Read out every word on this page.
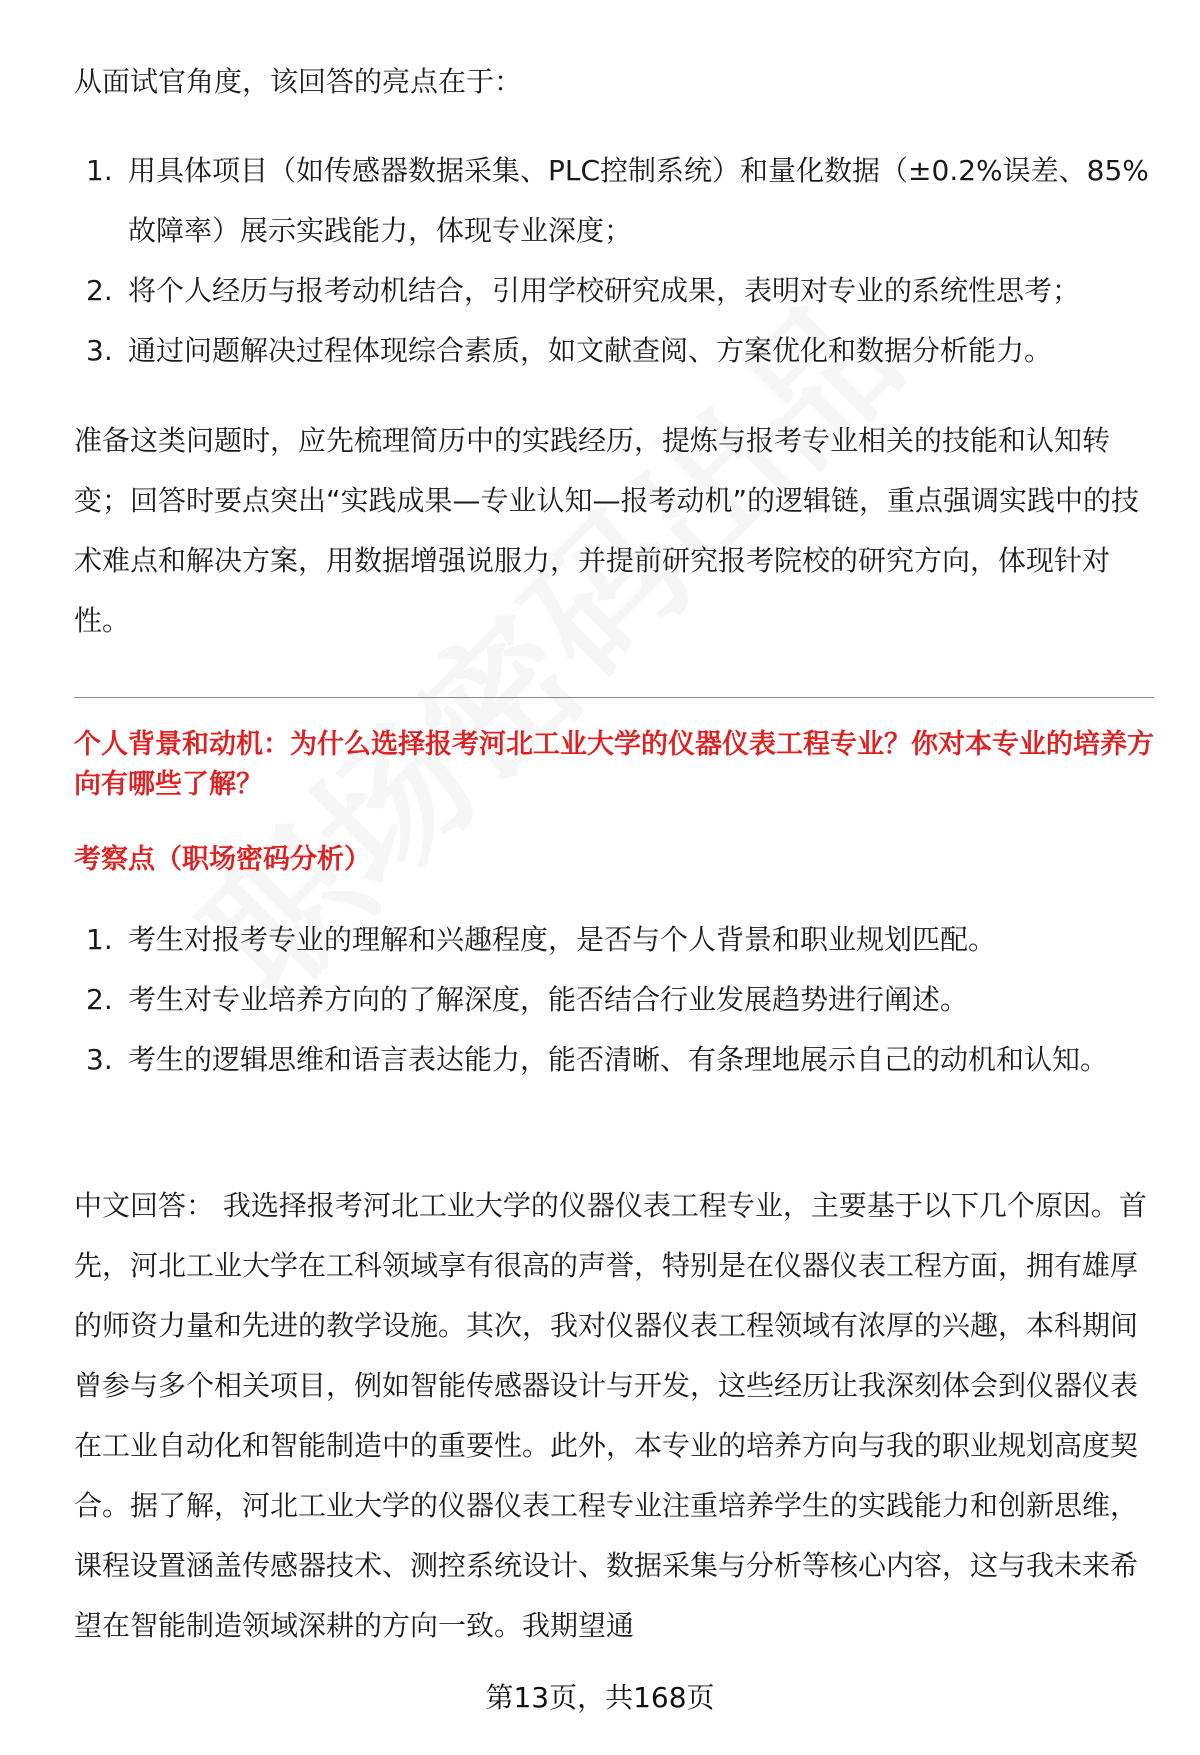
从面试官角度，该回答的亮点在于：

1. 用具体项目（如传感器数据采集、PLC控制系统）和量化数据（±0.2%误差、85%故障率）展示实践能力，体现专业深度；
2. 将个人经历与报考动机结合，引用学校研究成果，表明对专业的系统性思考；
3. 通过问题解决过程体现综合素质，如文献查阅、方案优化和数据分析能力。

准备这类问题时，应先梳理简历中的实践经历，提炼与报考专业相关的技能和认知转变；回答时要点突出“实践成果—专业认知—报考动机”的逻辑链，重点强调实践中的技术难点和解决方案，用数据增强说服力，并提前研究报考院校的研究方向，体现针对性。

个人背景和动机：为什么选择报考河北工业大学的仪器仪表工程专业？你对本专业的培养方向有哪些了解？
考察点（职场密码分析）
1. 考生对报考专业的理解和兴趣程度，是否与个人背景和职业规划匹配。
2. 考生对专业培养方向的了解深度，能否结合行业发展趋势进行阐述。
3. 考生的逻辑思维和语言表达能力，能否清晰、有条理地展示自己的动机和认知。

中文回答： 我选择报考河北工业大学的仪器仪表工程专业，主要基于以下几个原因。首先，河北工业大学在工科领域享有很高的声誉，特别是在仪器仪表工程方面，拥有雄厚的师资力量和先进的教学设施。其次，我对仪器仪表工程领域有浓厚的兴趣，本科期间曾参与多个相关项目，例如智能传感器设计与开发，这些经历让我深刻体会到仪器仪表在工业自动化和智能制造中的重要性。此外，本专业的培养方向与我的职业规划高度契合。据了解，河北工业大学的仪器仪表工程专业注重培养学生的实践能力和创新思维，课程设置涵盖传感器技术、测控系统设计、数据采集与分析等核心内容，这与我未来希望在智能制造领域深耕的方向一致。我期望通

第13页，共168页
